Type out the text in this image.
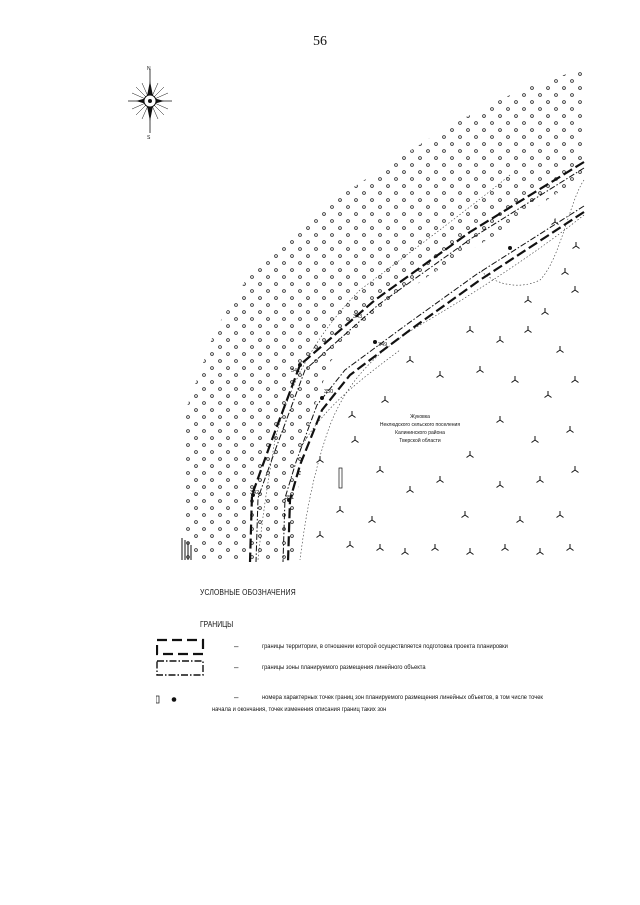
56
N
S
341
342
343
349
350
351
Жуковка
Неклюдского сельского поселения
Калининского района
Тверской области
УСЛОВНЫЕ ОБОЗНАЧЕНИЯ
ГРАНИЦЫ
–	границы территории, в отношении которой осуществляется подготовка проекта планировки
–	границы зоны планируемого размещения линейного объекта
–	номера характерных точек границ зон планируемого размещения линейных объектов, в том числе точек
начала и окончания, точек изменения описания границ таких зон
